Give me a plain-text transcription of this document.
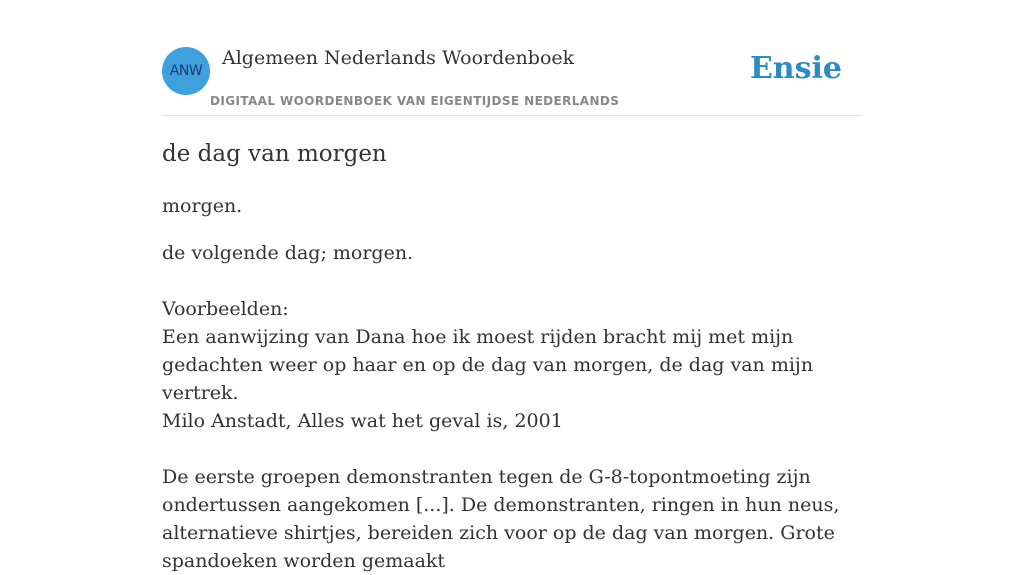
ANW
Algemeen Nederlands Woordenboek
DIGITAAL WOORDENBOEK VAN EIGENTIJDSE NEDERLANDS
Ensie
de dag van morgen

morgen.

de volgende dag; morgen.
Voorbeelden:
Een aanwijzing van Dana hoe ik moest rijden bracht mij met mijn gedachten weer op haar en op de dag van morgen, de dag van mijn vertrek.
Milo Anstadt, Alles wat het geval is, 2001
De eerste groepen demonstranten tegen de G-8-topontmoeting zijn ondertussen aangekomen [...]. De demonstranten, ringen in hun neus, alternatieve shirtjes, bereiden zich voor op de dag van morgen. Grote spandoeken worden gemaakt
